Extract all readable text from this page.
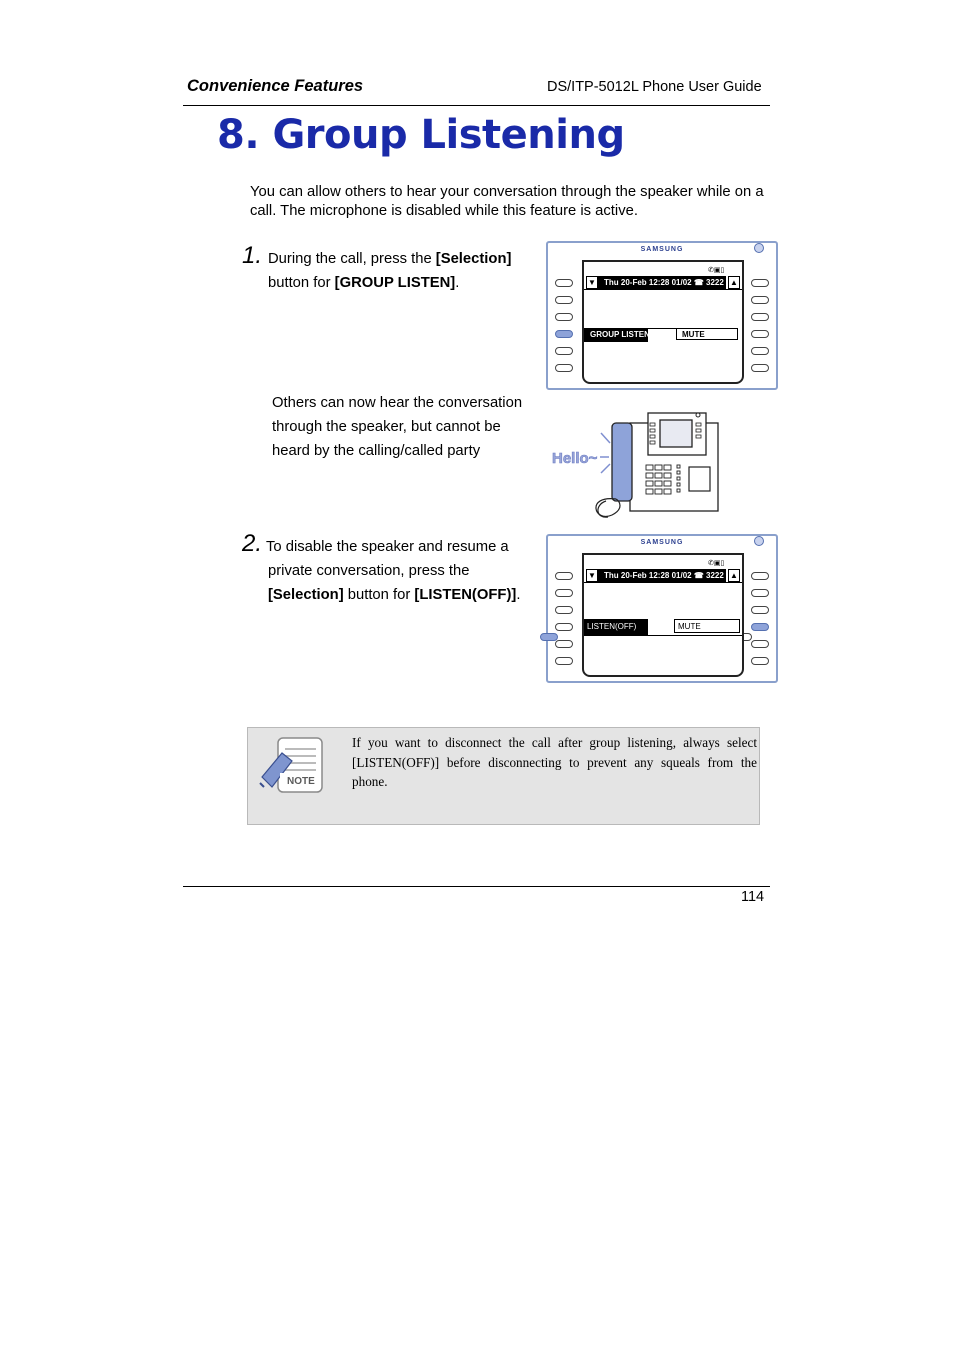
Convenience Features	DS/ITP-5012L Phone User Guide
8. Group Listening
You can allow others to hear your conversation through the speaker while on a call. The microphone is disabled while this feature is active.
1. During the call, press the [Selection]
button for [GROUP LISTEN].
SAMSUNG
✆▣▯
▼	Thu 20-Feb 12:28 01/02 ☎ 3222 ▲
GROUP LISTEN	MUTE
Others can now hear the conversation through the speaker, but cannot be heard by the calling/called party	Hello~
2. To disable the speaker and resume a
private conversation, press the
[Selection] button for [LISTEN(OFF)].
SAMSUNG
✆▣▯
▼	Thu 20-Feb 12:28 01/02 ☎ 3222 ▲
LISTEN(OFF)	MUTE
NOTE
If you want to disconnect the call after group listening, always select [LISTEN(OFF)] before disconnecting to prevent any squeals from the phone.
114
